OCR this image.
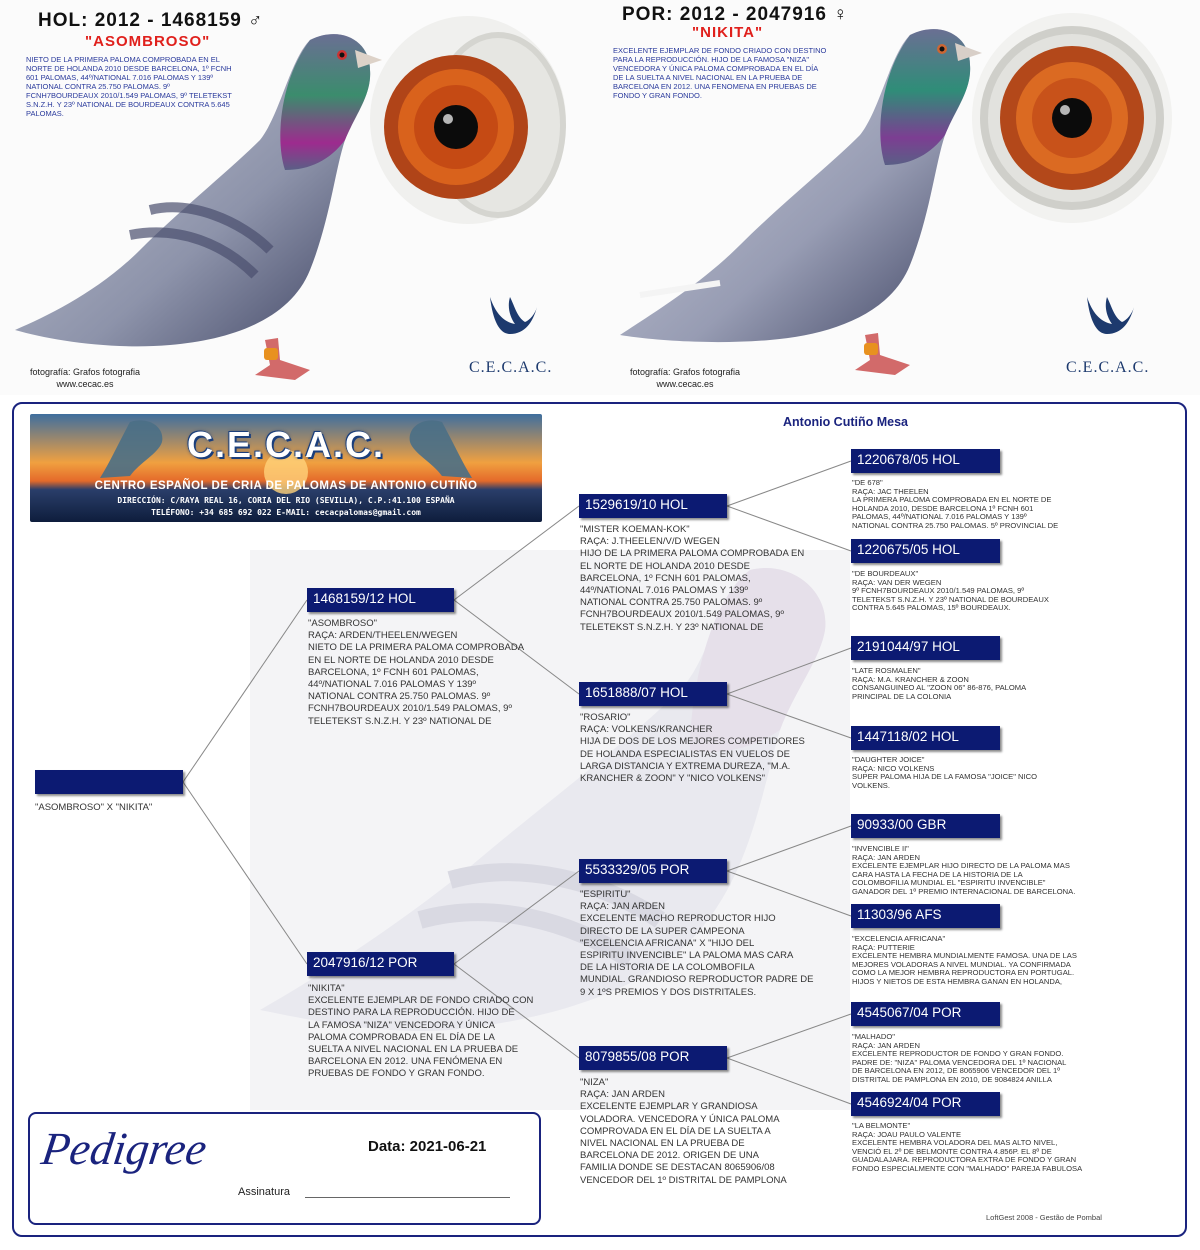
HOL: 2012 - 1468159 ♂
"ASOMBROSO"
NIETO DE LA PRIMERA PALOMA COMPROBADA EN EL
NORTE DE HOLANDA 2010 DESDE BARCELONA, 1º FCNH
601 PALOMAS, 44º/NATIONAL 7.016 PALOMAS Y 139º
NATIONAL CONTRA 25.750 PALOMAS. 9º
FCNH7BOURDEAUX 2010/1.549 PALOMAS, 9º TELETEKST
S.N.Z.H. Y 23º NATIONAL DE BOURDEAUX CONTRA 5.645
PALOMAS.
fotografía: Grafos fotografia
www.cecac.es
C.E.C.A.C.
POR: 2012 - 2047916 ♀
"NIKITA"
EXCELENTE EJEMPLAR DE FONDO CRIADO CON DESTINO
PARA LA REPRODUCCIÓN. HIJO DE LA FAMOSA "NIZA"
VENCEDORA Y ÚNICA PALOMA COMPROBADA EN EL DÍA
DE LA SUELTA A NIVEL NACIONAL EN LA PRUEBA DE
BARCELONA EN 2012. UNA FENOMENA EN PRUEBAS DE
FONDO Y GRAN FONDO.
fotografía: Grafos fotografia
www.cecac.es
C.E.C.A.C.
C.E.C.A.C.
CENTRO ESPAÑOL DE CRIA DE PALOMAS DE ANTONIO CUTIÑO
DIRECCIÓN: C/RAYA REAL 16, CORIA DEL RIO (SEVILLA), C.P.:41.100 ESPAÑA
TELÉFONO: +34 685 692 022 E-MAIL: cecacpalomas@gmail.com
Antonio Cutiño Mesa
"ASOMBROSO" X "NIKITA"
1468159/12 HOL
"ASOMBROSO"
RAÇA: ARDEN/THEELEN/WEGEN
NIETO DE LA PRIMERA PALOMA COMPROBADA
EN EL NORTE DE HOLANDA 2010 DESDE
BARCELONA, 1º FCNH 601 PALOMAS,
44º/NATIONAL 7.016 PALOMAS Y 139º
NATIONAL CONTRA 25.750 PALOMAS. 9º
FCNH7BOURDEAUX 2010/1.549 PALOMAS, 9º
TELETEKST S.N.Z.H. Y 23º NATIONAL DE
2047916/12 POR
"NIKITA"
EXCELENTE EJEMPLAR DE FONDO CRIADO CON
DESTINO PARA LA REPRODUCCIÓN. HIJO DE
LA FAMOSA "NIZA" VENCEDORA Y ÚNICA
PALOMA COMPROBADA EN EL DÍA DE LA
SUELTA A NIVEL NACIONAL EN LA PRUEBA DE
BARCELONA EN 2012. UNA FENÓMENA EN
PRUEBAS DE FONDO Y GRAN FONDO.
1529619/10 HOL
"MISTER KOEMAN-KOK"
RAÇA: J.THEELEN/V/D WEGEN
HIJO DE LA PRIMERA PALOMA COMPROBADA EN
EL NORTE DE HOLANDA 2010 DESDE
BARCELONA, 1º FCNH 601 PALOMAS,
44º/NATIONAL 7.016 PALOMAS Y 139º
NATIONAL CONTRA 25.750 PALOMAS. 9º
FCNH7BOURDEAUX 2010/1.549 PALOMAS, 9º
TELETEKST S.N.Z.H. Y 23º NATIONAL DE
1651888/07 HOL
"ROSARIO"
RAÇA: VOLKENS/KRANCHER
HIJA DE DOS DE LOS MEJORES COMPETIDORES
DE HOLANDA ESPECIALISTAS EN VUELOS DE
LARGA DISTANCIA Y EXTREMA DUREZA, "M.A.
KRANCHER & ZOON" Y "NICO VOLKENS"
5533329/05 POR
"ESPIRITU"
RAÇA: JAN ARDEN
EXCELENTE MACHO REPRODUCTOR HIJO
DIRECTO DE LA SUPER CAMPEONA
"EXCELENCIA AFRICANA" X "HIJO DEL
ESPIRITU INVENCIBLE" LA PALOMA MAS CARA
DE LA HISTORIA DE LA COLOMBOFILA
MUNDIAL. GRANDIOSO REPRODUCTOR PADRE DE
9 X 1ºS PREMIOS Y DOS DISTRITALES.
8079855/08 POR
"NIZA"
RAÇA: JAN ARDEN
EXCELENTE EJEMPLAR Y GRANDIOSA
VOLADORA. VENCEDORA Y ÚNICA PALOMA
COMPROVADA EN EL DÍA DE LA SUELTA A
NIVEL NACIONAL EN LA PRUEBA DE
BARCELONA DE 2012. ORIGEN DE UNA
FAMILIA DONDE SE DESTACAN 8065906/08
VENCEDOR DEL 1º DISTRITAL DE PAMPLONA
1220678/05 HOL
"DE 678"
RAÇA: JAC THEELEN
LA PRIMERA PALOMA COMPROBADA EN EL NORTE DE
HOLANDA 2010, DESDE BARCELONA 1º FCNH 601
PALOMAS, 44º/NATIONAL 7.016 PALOMAS Y 139º
NATIONAL CONTRA 25.750 PALOMAS. 5º PROVINCIAL DE
1220675/05 HOL
"DE BOURDEAUX"
RAÇA: VAN DER WEGEN
9º FCNH7BOURDEAUX 2010/1.549 PALOMAS, 9º
TELETEKST S.N.Z.H. Y 23º NATIONAL DE BOURDEAUX
CONTRA 5.645 PALOMAS, 15º BOURDEAUX.
2191044/97 HOL
"LATE ROSMALEN"
RAÇA: M.A. KRANCHER & ZOON
CONSANGUINEO AL "ZOON 06" 86-876, PALOMA
PRINCIPAL DE LA COLONIA
1447118/02 HOL
"DAUGHTER JOICE"
RAÇA: NICO VOLKENS
SUPER PALOMA HIJA DE LA FAMOSA "JOICE" NICO
VOLKENS.
90933/00 GBR
"INVENCIBLE II"
RAÇA: JAN ARDEN
EXCELENTE EJEMPLAR HIJO DIRECTO DE LA PALOMA MAS
CARA HASTA LA FECHA DE LA HISTORIA DE LA
COLOMBOFILIA MUNDIAL EL "ESPIRITU INVENCIBLE"
GANADOR DEL 1º PREMIO INTERNACIONAL DE BARCELONA.
11303/96 AFS
"EXCELENCIA AFRICANA"
RAÇA: PUTTERIE
EXCELENTE HEMBRA MUNDIALMENTE FAMOSA. UNA DE LAS
MEJORES VOLADORAS A NIVEL MUNDIAL. YA CONFIRMADA
COMO LA MEJOR HEMBRA REPRODUCTORA EN PORTUGAL.
HIJOS Y NIETOS DE ESTA HEMBRA GANAN EN HOLANDA,
4545067/04 POR
"MALHADO"
RAÇA: JAN ARDEN
EXCELENTE REPRODUCTOR DE FONDO Y GRAN FONDO.
PADRE DE: "NIZA" PALOMA VENCEDORA DEL 1º NACIONAL
DE BARCELONA EN 2012, DE 8065906 VENCEDOR DEL 1º
DISTRITAL DE PAMPLONA EN 2010, DE 9084824 ANILLA
4546924/04 POR
"LA BELMONTE"
RAÇA: JOAU PAULO VALENTE
EXCELENTE HEMBRA VOLADORA DEL MAS ALTO NIVEL,
VENCIÓ EL 2º DE BELMONTE CONTRA 4.856P. EL 8º DE
GUADALAJARA. REPRODUCTORA EXTRA DE FONDO Y GRAN
FONDO ESPECIALMENTE CON "MALHADO" PAREJA FABULOSA
Pedigree	Data: 2021-06-21
Assinatura
LoftGest 2008 - Gestão de Pombal
